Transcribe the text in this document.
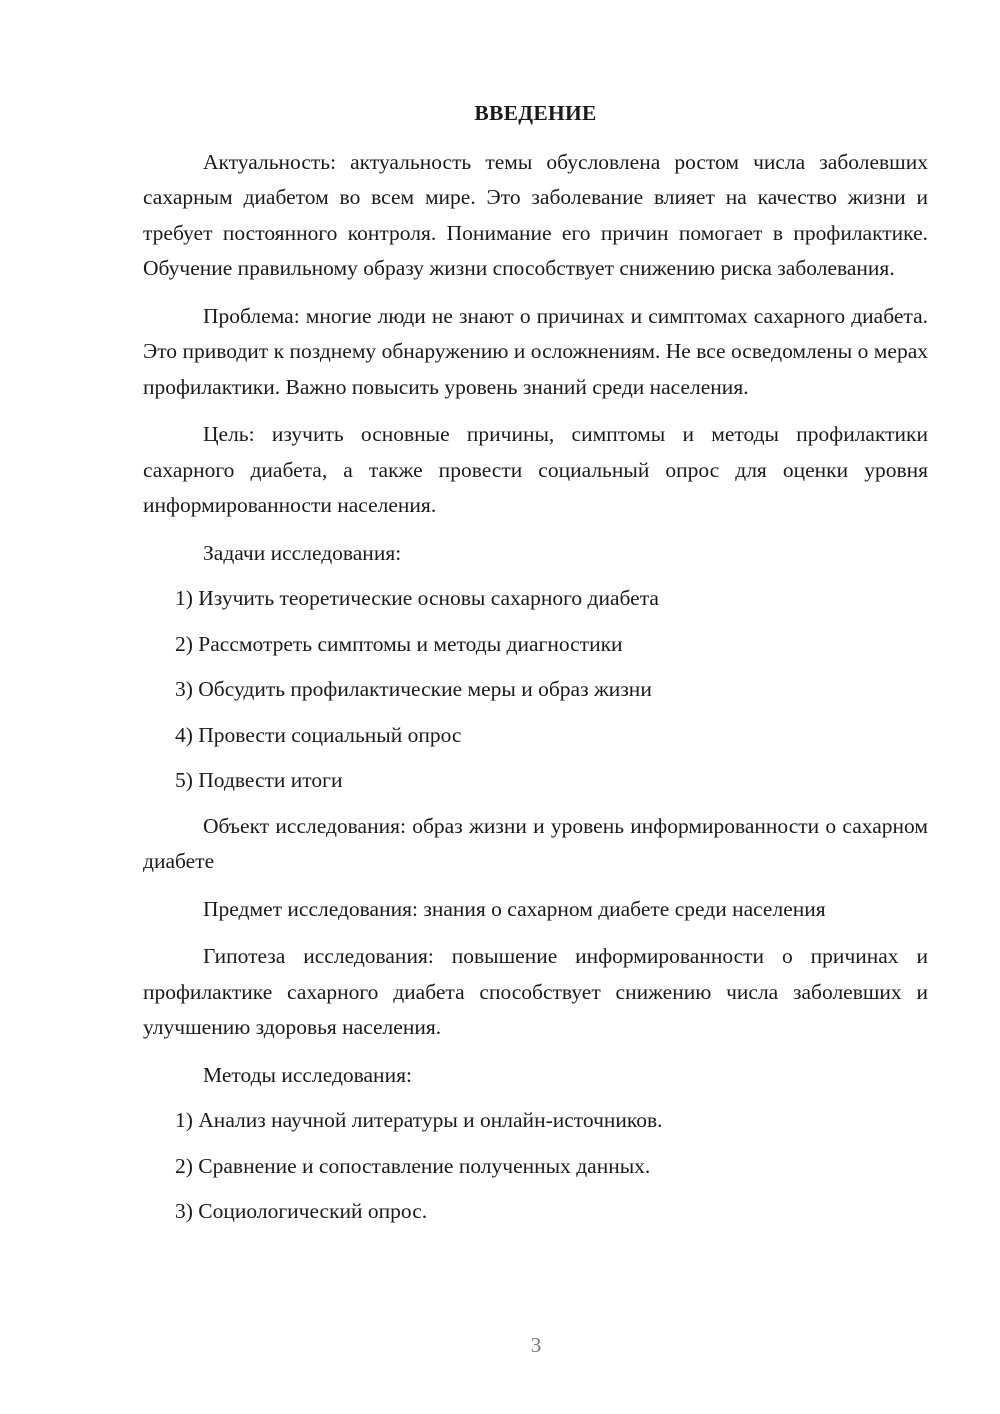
ВВЕДЕНИЕ

Актуальность: актуальность темы обусловлена ростом числа заболевших сахарным диабетом во всем мире. Это заболевание влияет на качество жизни и требует постоянного контроля. Понимание его причин помогает в профилактике. Обучение правильному образу жизни способствует снижению риска заболевания.

Проблема: многие люди не знают о причинах и симптомах сахарного диабета. Это приводит к позднему обнаружению и осложнениям. Не все осведомлены о мерах профилактики. Важно повысить уровень знаний среди населения.

Цель: изучить основные причины, симптомы и методы профилактики сахарного диабета, а также провести социальный опрос для оценки уровня информированности населения.

Задачи исследования:

1) Изучить теоретические основы сахарного диабета
2) Рассмотреть симптомы и методы диагностики
3) Обсудить профилактические меры и образ жизни
4) Провести социальный опрос
5) Подвести итоги

Объект исследования: образ жизни и уровень информированности о сахарном диабете

Предмет исследования: знания о сахарном диабете среди населения

Гипотеза исследования: повышение информированности о причинах и профилактике сахарного диабета способствует снижению числа заболевших и улучшению здоровья населения.

Методы исследования:

1) Анализ научной литературы и онлайн-источников.
2) Сравнение и сопоставление полученных данных.
3) Социологический опрос.
3
